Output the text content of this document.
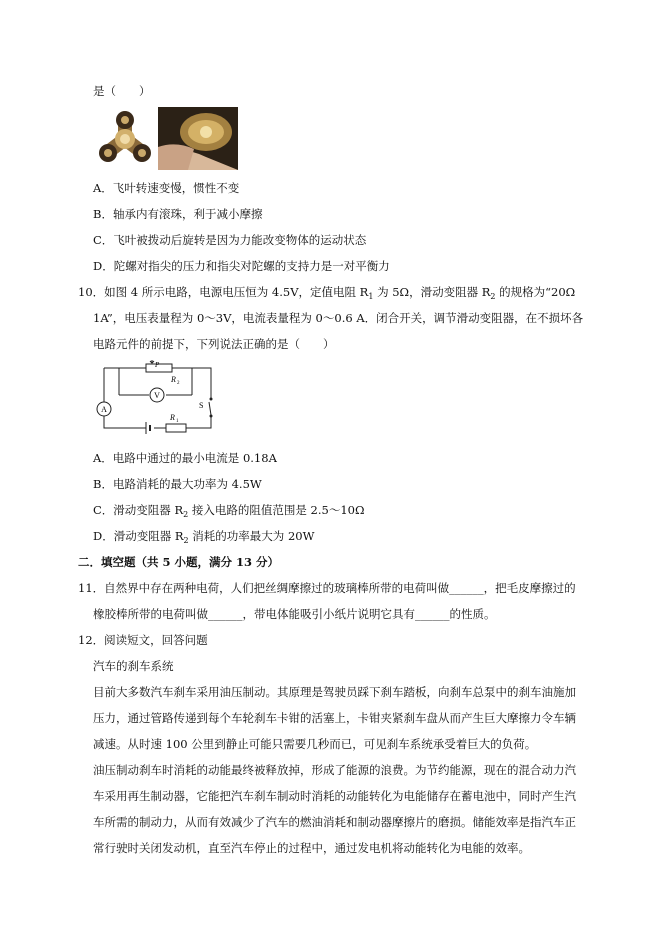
是（　　）
A．飞叶转速变慢，惯性不变
B．轴承内有滚珠，利于减小摩擦
C．飞叶被拨动后旋转是因为力能改变物体的运动状态
D．陀螺对指尖的压力和指尖对陀螺的支持力是一对平衡力
10．如图 4 所示电路，电源电压恒为 4.5V，定值电阻 $R_1$ 为 5Ω，滑动变阻器 $R_2$ 的规格为“20Ω
1A”，电压表量程为 0～3V，电流表量程为 0～0.6 A．闭合开关，调节滑动变阻器，在不损坏各
电路元件的前提下，下列说法正确的是（　　）
A
V
P
R 2
R 1
S
A．电路中通过的最小电流是 0.18A
B．电路消耗的最大功率为 4.5W
C．滑动变阻器 $R_2$ 接入电路的阻值范围是 2.5～10Ω
D．滑动变阻器 $R_2$ 消耗的功率最大为 20W
二．填空题（共 5 小题，满分 13 分）
11．自然界中存在两种电荷，人们把丝绸摩擦过的玻璃棒所带的电荷叫做______，把毛皮摩擦过的
橡胶棒所带的电荷叫做______，带电体能吸引小纸片说明它具有______的性质。
12．阅读短文，回答问题
汽车的刹车系统
目前大多数汽车刹车采用油压制动。其原理是驾驶员踩下刹车踏板，向刹车总泵中的刹车油施加
压力，通过管路传递到每个车轮刹车卡钳的活塞上，卡钳夹紧刹车盘从而产生巨大摩擦力令车辆
减速。从时速 100 公里到静止可能只需要几秒而已，可见刹车系统承受着巨大的负荷。
油压制动刹车时消耗的动能最终被释放掉，形成了能源的浪费。为节约能源，现在的混合动力汽
车采用再生制动器，它能把汽车刹车制动时消耗的动能转化为电能储存在蓄电池中，同时产生汽
车所需的制动力，从而有效减少了汽车的燃油消耗和制动器摩擦片的磨损。储能效率是指汽车正
常行驶时关闭发动机，直至汽车停止的过程中，通过发电机将动能转化为电能的效率。
